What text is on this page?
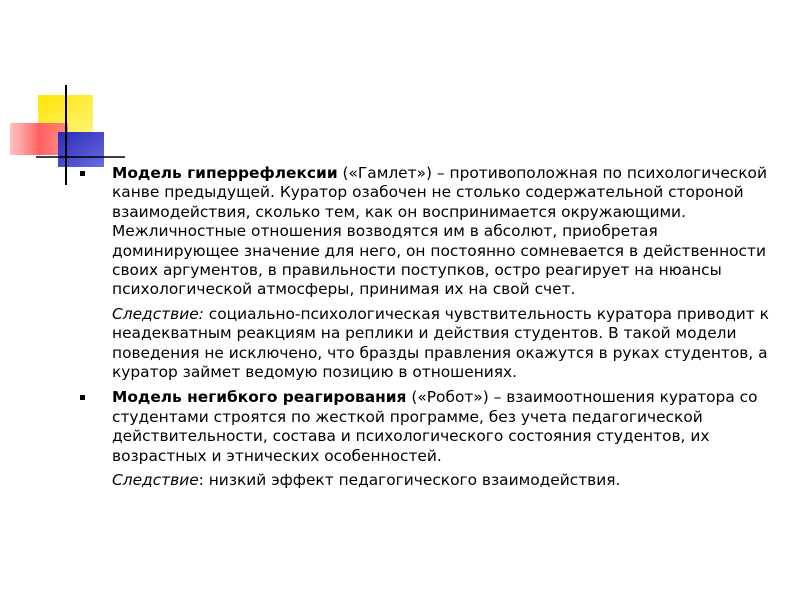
Модель гиперрефлексии («Гамлет») – противоположная по психологической канве предыдущей. Куратор озабочен не столько содержательной стороной взаимодействия, сколько тем, как он воспринимается окружающими. Межличностные отношения возводятся им в абсолют, приобретая доминирующее значение для него, он постоянно сомневается в действенности своих аргументов, в правильности поступков, остро реагирует на нюансы психологической атмосферы, принимая их на свой счет.
Следствие: социально-психологическая чувствительность куратора приводит к неадекватным реакциям на реплики и действия студентов. В такой модели поведения не исключено, что бразды правления окажутся в руках студентов, а куратор займет ведомую позицию в отношениях.
Модель негибкого реагирования («Робот») – взаимоотношения куратора со студентами строятся по жесткой программе, без учета педагогической действительности, состава и психологического состояния студентов, их возрастных и этнических особенностей.
Следствие: низкий эффект педагогического взаимодействия.
